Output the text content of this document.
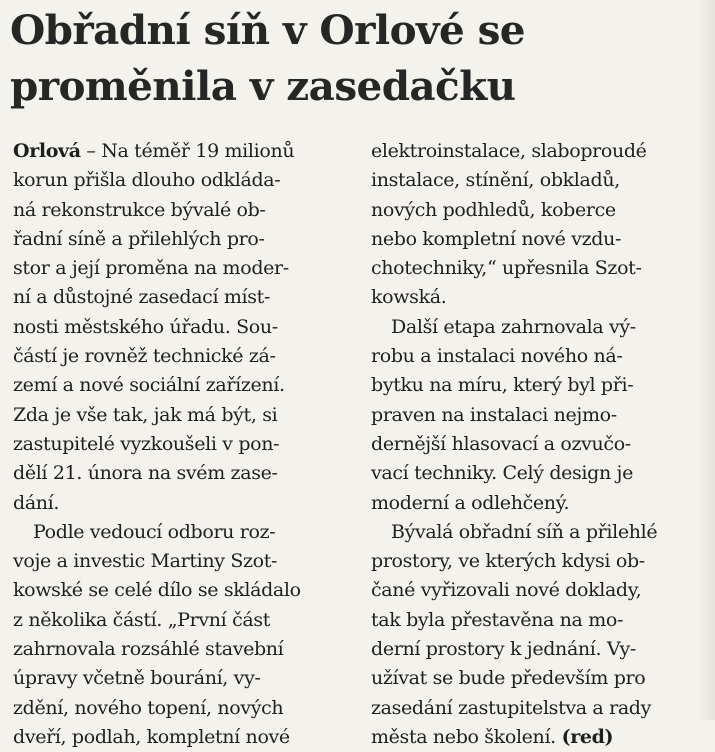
Obřadní síň v Orlové se
proměnila v zasedačku
Orlová – Na téměř 19 milionů
korun přišla dlouho odkláda-
ná rekonstrukce bývalé ob-
řadní síně a přilehlých pro-
stor a její proměna na moder-
ní a důstojné zasedací míst-
nosti městského úřadu. Sou-
částí je rovněž technické zá-
zemí a nové sociální zařízení.
Zda je vše tak, jak má být, si
zastupitelé vyzkoušeli v pon-
dělí 21. února na svém zase-
dání.
Podle vedoucí odboru roz-
voje a investic Martiny Szot-
kowské se celé dílo se skládalo
z několika částí. „První část
zahrnovala rozsáhlé stavební
úpravy včetně bourání, vy-
zdění, nového topení, nových
dveří, podlah, kompletní nové
elektroinstalace, slaboproudé
instalace, stínění, obkladů,
nových podhledů, koberce
nebo kompletní nové vzdu-
chotechniky,“ upřesnila Szot-
kowská.
Další etapa zahrnovala vý-
robu a instalaci nového ná-
bytku na míru, který byl při-
praven na instalaci nejmo-
dernější hlasovací a ozvučo-
vací techniky. Celý design je
moderní a odlehčený.
Bývalá obřadní síň a přilehlé
prostory, ve kterých kdysi ob-
čané vyřizovali nové doklady,
tak byla přestavěna na mo-
derní prostory k jednání. Vy-
užívat se bude především pro
zasedání zastupitelstva a rady
města nebo školení. (red)
